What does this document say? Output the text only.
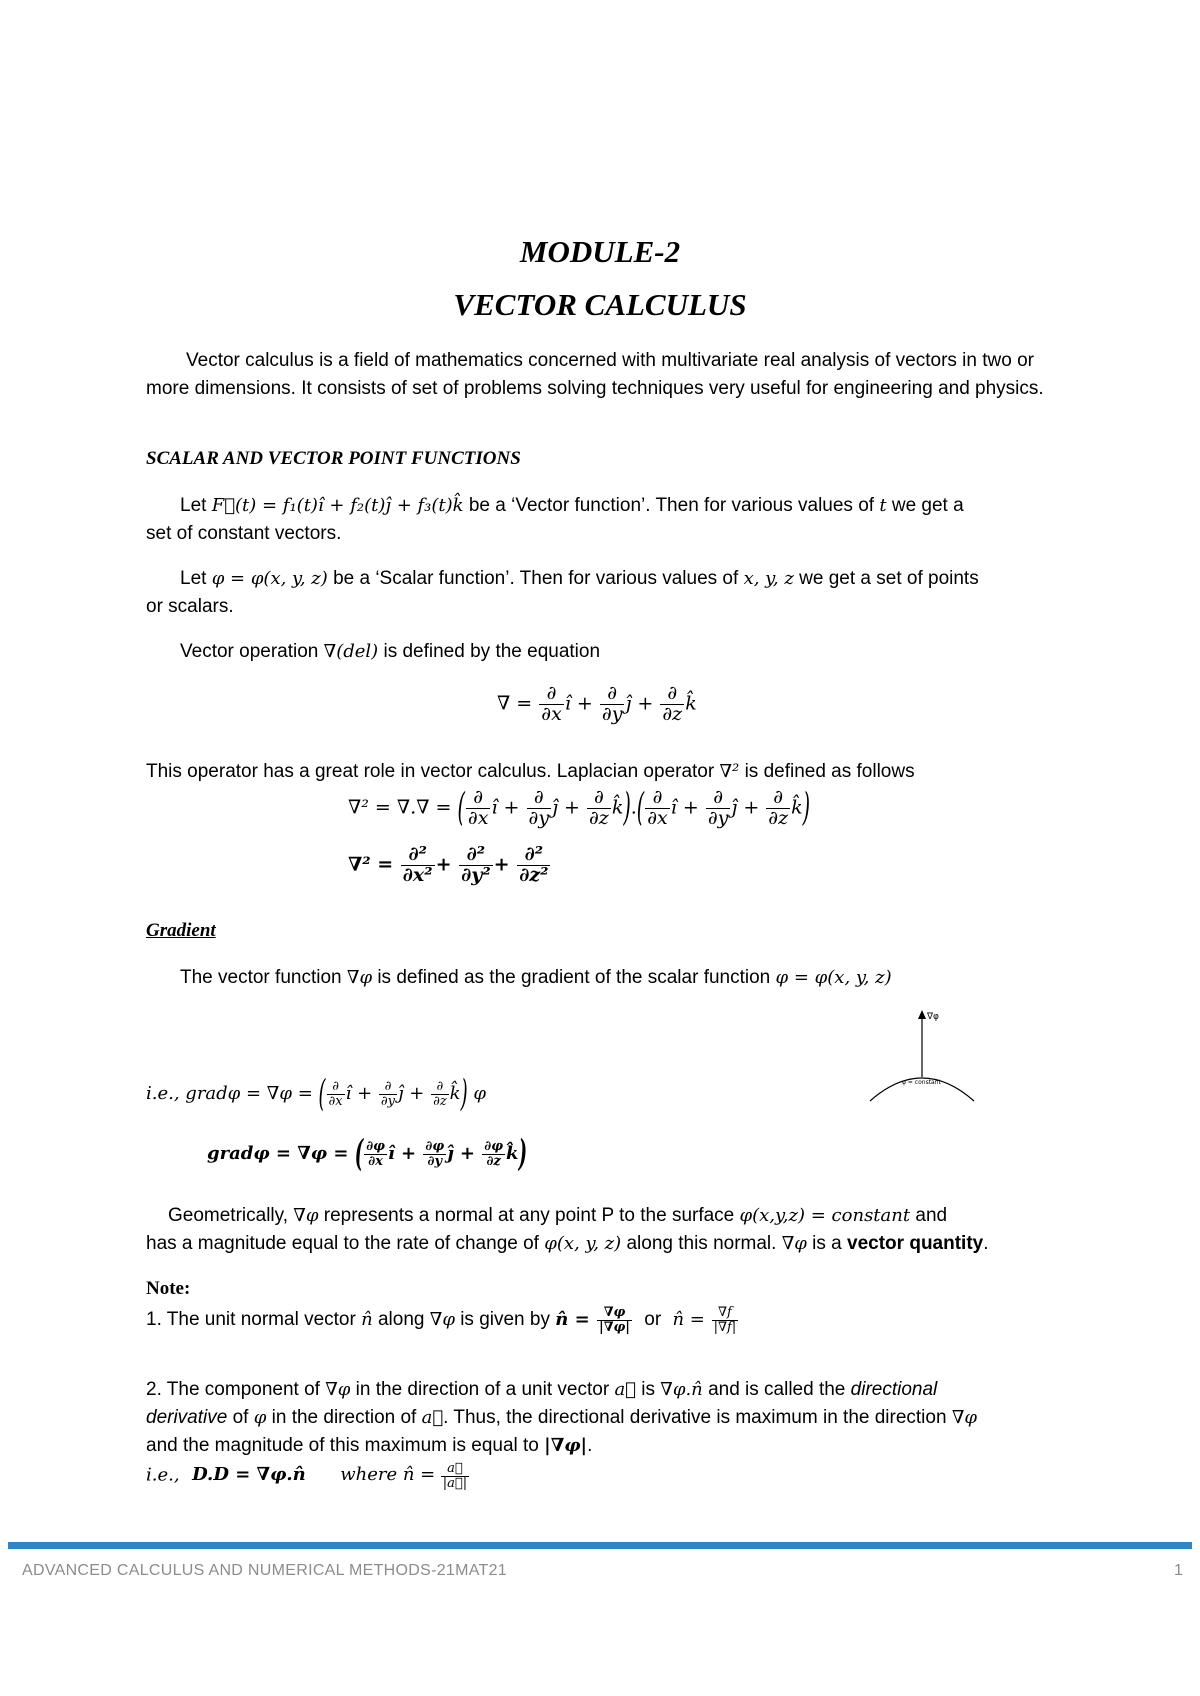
MODULE-2
VECTOR CALCULUS
Vector calculus is a field of mathematics concerned with multivariate real analysis of vectors in two or more dimensions. It consists of set of problems solving techniques very useful for engineering and physics.
SCALAR AND VECTOR POINT FUNCTIONS
Let F⃗(t) = f₁(t)î + f₂(t)ĵ + f₃(t)k̂ be a ‘Vector function’. Then for various values of t we get a
set of constant vectors.
Let φ = φ(x, y, z) be a ‘Scalar function’. Then for various values of x, y, z we get a set of points
or scalars.
Vector operation ∇(del) is defined by the equation
∇ = $\frac{\partial}{\partial x}$ î + $\frac{\partial}{\partial y}$ ĵ + $\frac{\partial}{\partial z}$ k̂
This operator has a great role in vector calculus. Laplacian operator ∇² is defined as follows
∇² = ∇.∇ = ( $\frac{\partial}{\partial x}$ î + $\frac{\partial}{\partial y}$ ĵ + $\frac{\partial}{\partial z}$ k̂).( $\frac{\partial}{\partial x}$ î + $\frac{\partial}{\partial y}$ ĵ + $\frac{\partial}{\partial z}$ k̂)
$\nabla^2 = \frac{\text{∂²}}{\text{∂x²}} + \frac{\text{∂²}}{\text{∂y²}} + \frac{\text{∂²}}{\text{∂z²}}$
Gradient
The vector function ∇φ is defined as the gradient of the scalar function φ = φ(x, y, z)
∇φ
φ = constant
i.e., gradφ = ∇φ = ( $\frac{\partial}{\partial x}$ î + $\frac{\partial}{\partial y}$ ĵ + $\frac{\partial}{\partial z}$ k̂) φ
gradφ = ∇φ = ( $\frac{\partial\varphi}{\partial x}$ î + $\frac{\partial\varphi}{\partial y}$ ĵ + $\frac{\partial\varphi}{\partial z}$ k̂)
Geometrically, ∇φ represents a normal at any point P to the surface φ(x,y,z) = constant and
has a magnitude equal to the rate of change of φ(x, y, z) along this normal. ∇φ is a vector quantity.
Note:
1. The unit normal vector n̂ along ∇φ is given by n̂ = $\frac{\nabla\varphi}{|\nabla\varphi|}$ or n̂ = $\frac{\nabla f}{|\nabla f|}$
2. The component of ∇φ in the direction of a unit vector a⃗ is ∇φ.n̂ and is called the directional
derivative of φ in the direction of a⃗. Thus, the directional derivative is maximum in the direction ∇φ
and the magnitude of this maximum is equal to |∇φ|.
i.e., D.D = ∇φ.n̂ where n̂ = $\frac{a⃗}{|a⃗|}$
ADVANCED CALCULUS AND NUMERICAL METHODS-21MAT21	1
